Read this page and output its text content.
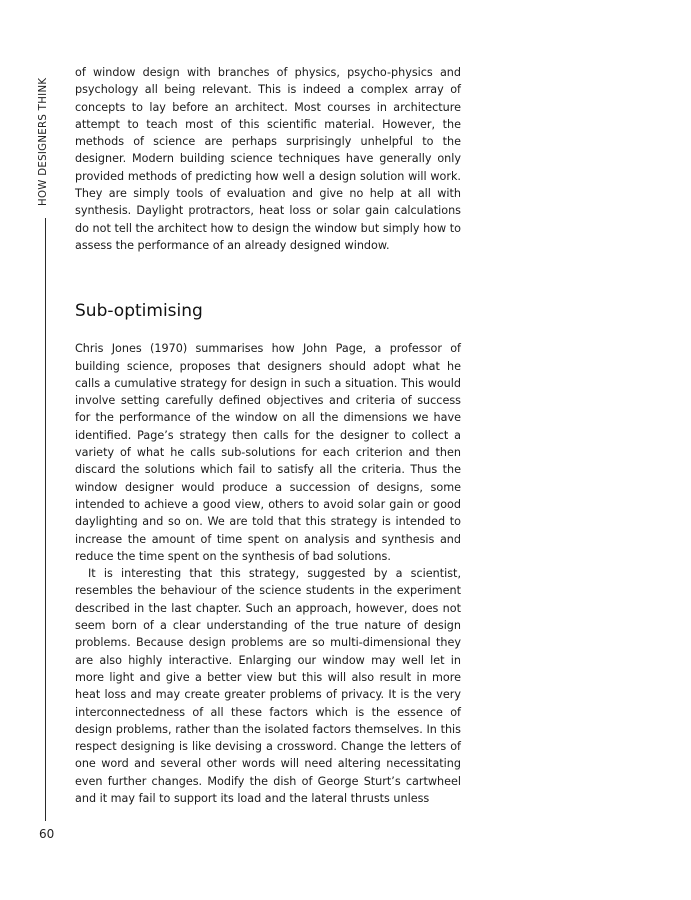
HOW DESIGNERS THINK
60

of window design with branches of physics, psycho-physics and psychology all being relevant. This is indeed a complex array of concepts to lay before an architect. Most courses in architecture attempt to teach most of this scientific material. However, the methods of science are perhaps surprisingly unhelpful to the designer. Modern building science techniques have generally only provided methods of predicting how well a design solution will work. They are simply tools of evaluation and give no help at all with synthesis. Daylight protractors, heat loss or solar gain calculations do not tell the architect how to design the window but simply how to assess the performance of an already designed window.

Sub-optimising

Chris Jones (1970) summarises how John Page, a professor of building science, proposes that designers should adopt what he calls a cumulative strategy for design in such a situation. This would involve setting carefully defined objectives and criteria of success for the performance of the window on all the dimensions we have identified. Page’s strategy then calls for the designer to collect a variety of what he calls sub-solutions for each criterion and then discard the solutions which fail to satisfy all the criteria. Thus the window designer would produce a succession of designs, some intended to achieve a good view, others to avoid solar gain or good daylighting and so on. We are told that this strategy is intended to increase the amount of time spent on analysis and synthesis and reduce the time spent on the synthesis of bad solutions.

It is interesting that this strategy, suggested by a scientist, resembles the behaviour of the science students in the experiment described in the last chapter. Such an approach, however, does not seem born of a clear understanding of the true nature of design problems. Because design problems are so multi-dimensional they are also highly interactive. Enlarging our window may well let in more light and give a better view but this will also result in more heat loss and may create greater problems of privacy. It is the very interconnectedness of all these factors which is the essence of design problems, rather than the isolated factors themselves. In this respect designing is like devising a crossword. Change the letters of one word and several other words will need altering necessitating even further changes. Modify the dish of George Sturt’s cartwheel and it may fail to support its load and the lateral thrusts unless
